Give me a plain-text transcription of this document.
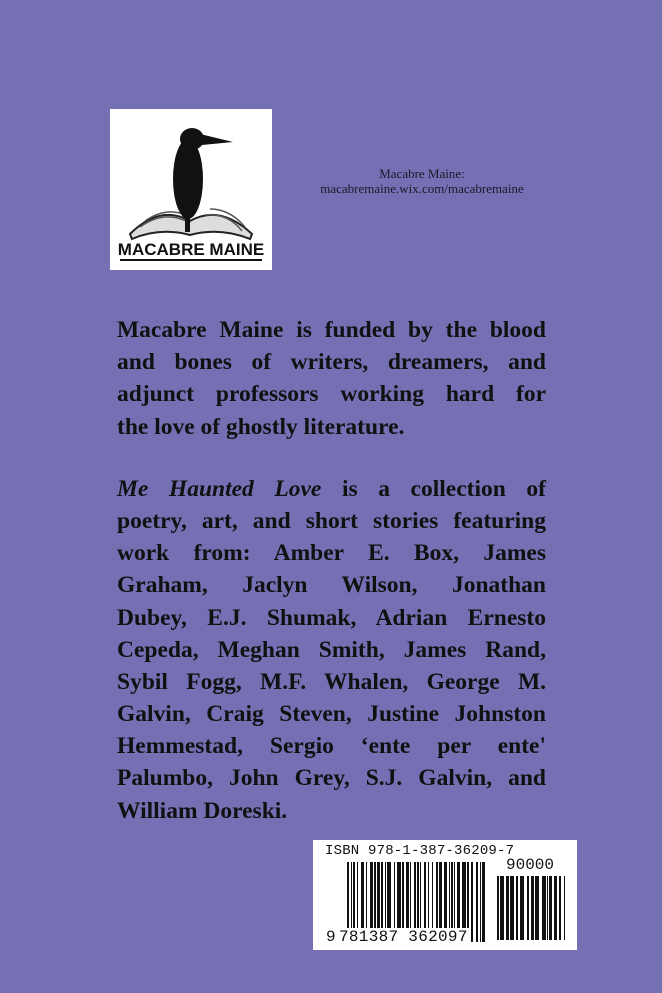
MACABRE MAINE
Macabre Maine:
macabremaine.wix.com/macabremaine
Macabre Maine is funded by the blood
and bones of writers, dreamers, and
adjunct professors working hard for
the love of ghostly literature.
Me Haunted Love is a collection of
poetry, art, and short stories featuring
work from: Amber E. Box, James
Graham, Jaclyn Wilson, Jonathan
Dubey, E.J. Shumak, Adrian Ernesto
Cepeda, Meghan Smith, James Rand,
Sybil Fogg, M.F. Whalen, George M.
Galvin, Craig Steven, Justine Johnston
Hemmestad, Sergio ‘ente per ente'
Palumbo, John Grey, S.J. Galvin, and
William Doreski.
ISBN 978-1-387-36209-7
90000
9 781387 362097
